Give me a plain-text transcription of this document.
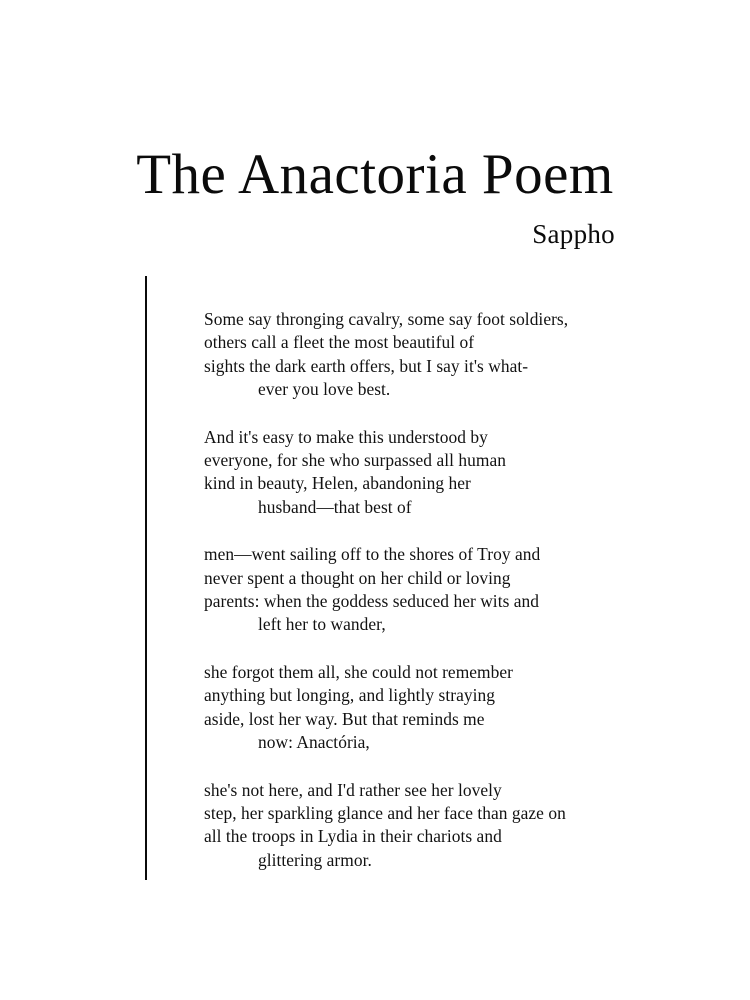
The Anactoria Poem
Sappho
Some say thronging cavalry, some say foot soldiers,
others call a fleet the most beautiful of
sights the dark earth offers, but I say it's what-
ever you love best.
And it's easy to make this understood by
everyone, for she who surpassed all human
kind in beauty, Helen, abandoning her
husband—that best of
men—went sailing off to the shores of Troy and
never spent a thought on her child or loving
parents: when the goddess seduced her wits and
left her to wander,
she forgot them all, she could not remember
anything but longing, and lightly straying
aside, lost her way. But that reminds me
now: Anactória,
she's not here, and I'd rather see her lovely
step, her sparkling glance and her face than gaze on
all the troops in Lydia in their chariots and
glittering armor.
